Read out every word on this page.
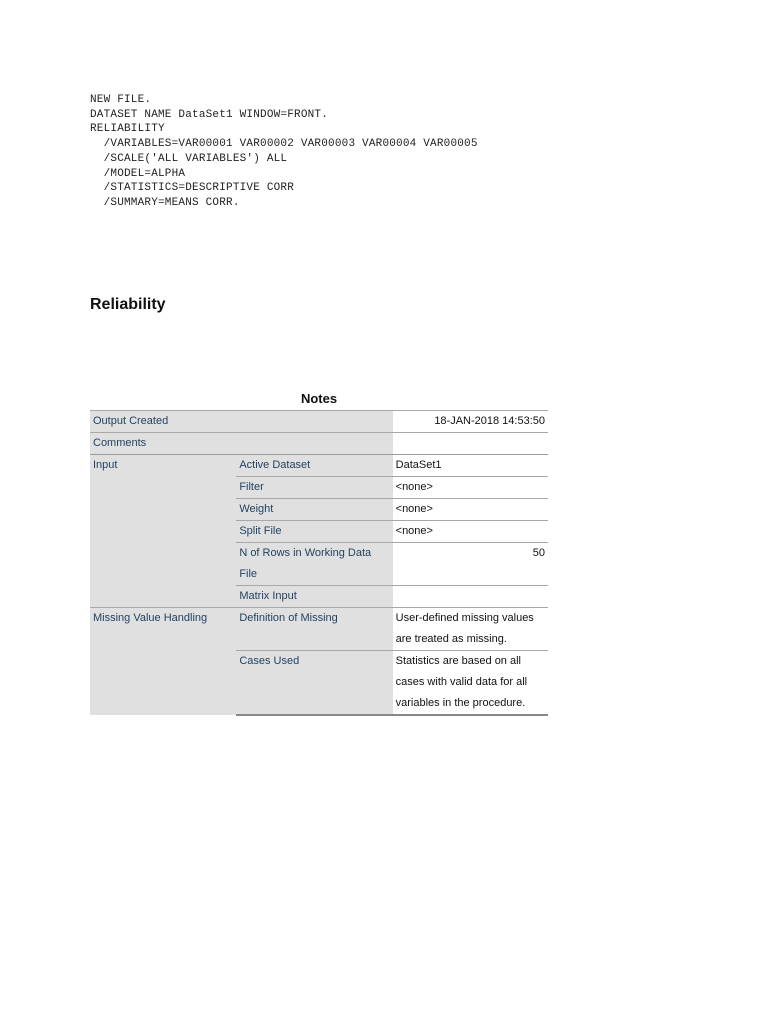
NEW FILE.
DATASET NAME DataSet1 WINDOW=FRONT.
RELIABILITY
/VARIABLES=VAR00001 VAR00002 VAR00003 VAR00004 VAR00005
/SCALE('ALL VARIABLES') ALL
/MODEL=ALPHA
/STATISTICS=DESCRIPTIVE CORR
/SUMMARY=MEANS CORR.
Reliability
Notes
Output Created		18-JAN-2018 14:53:50
Comments		
Input	Active Dataset	DataSet1
	Filter	<none>
	Weight	<none>
	Split File	<none>
	N of Rows in Working Data File	50
	Matrix Input	
Missing Value Handling	Definition of Missing	User-defined missing values are treated as missing.
	Cases Used	Statistics are based on all cases with valid data for all variables in the procedure.
